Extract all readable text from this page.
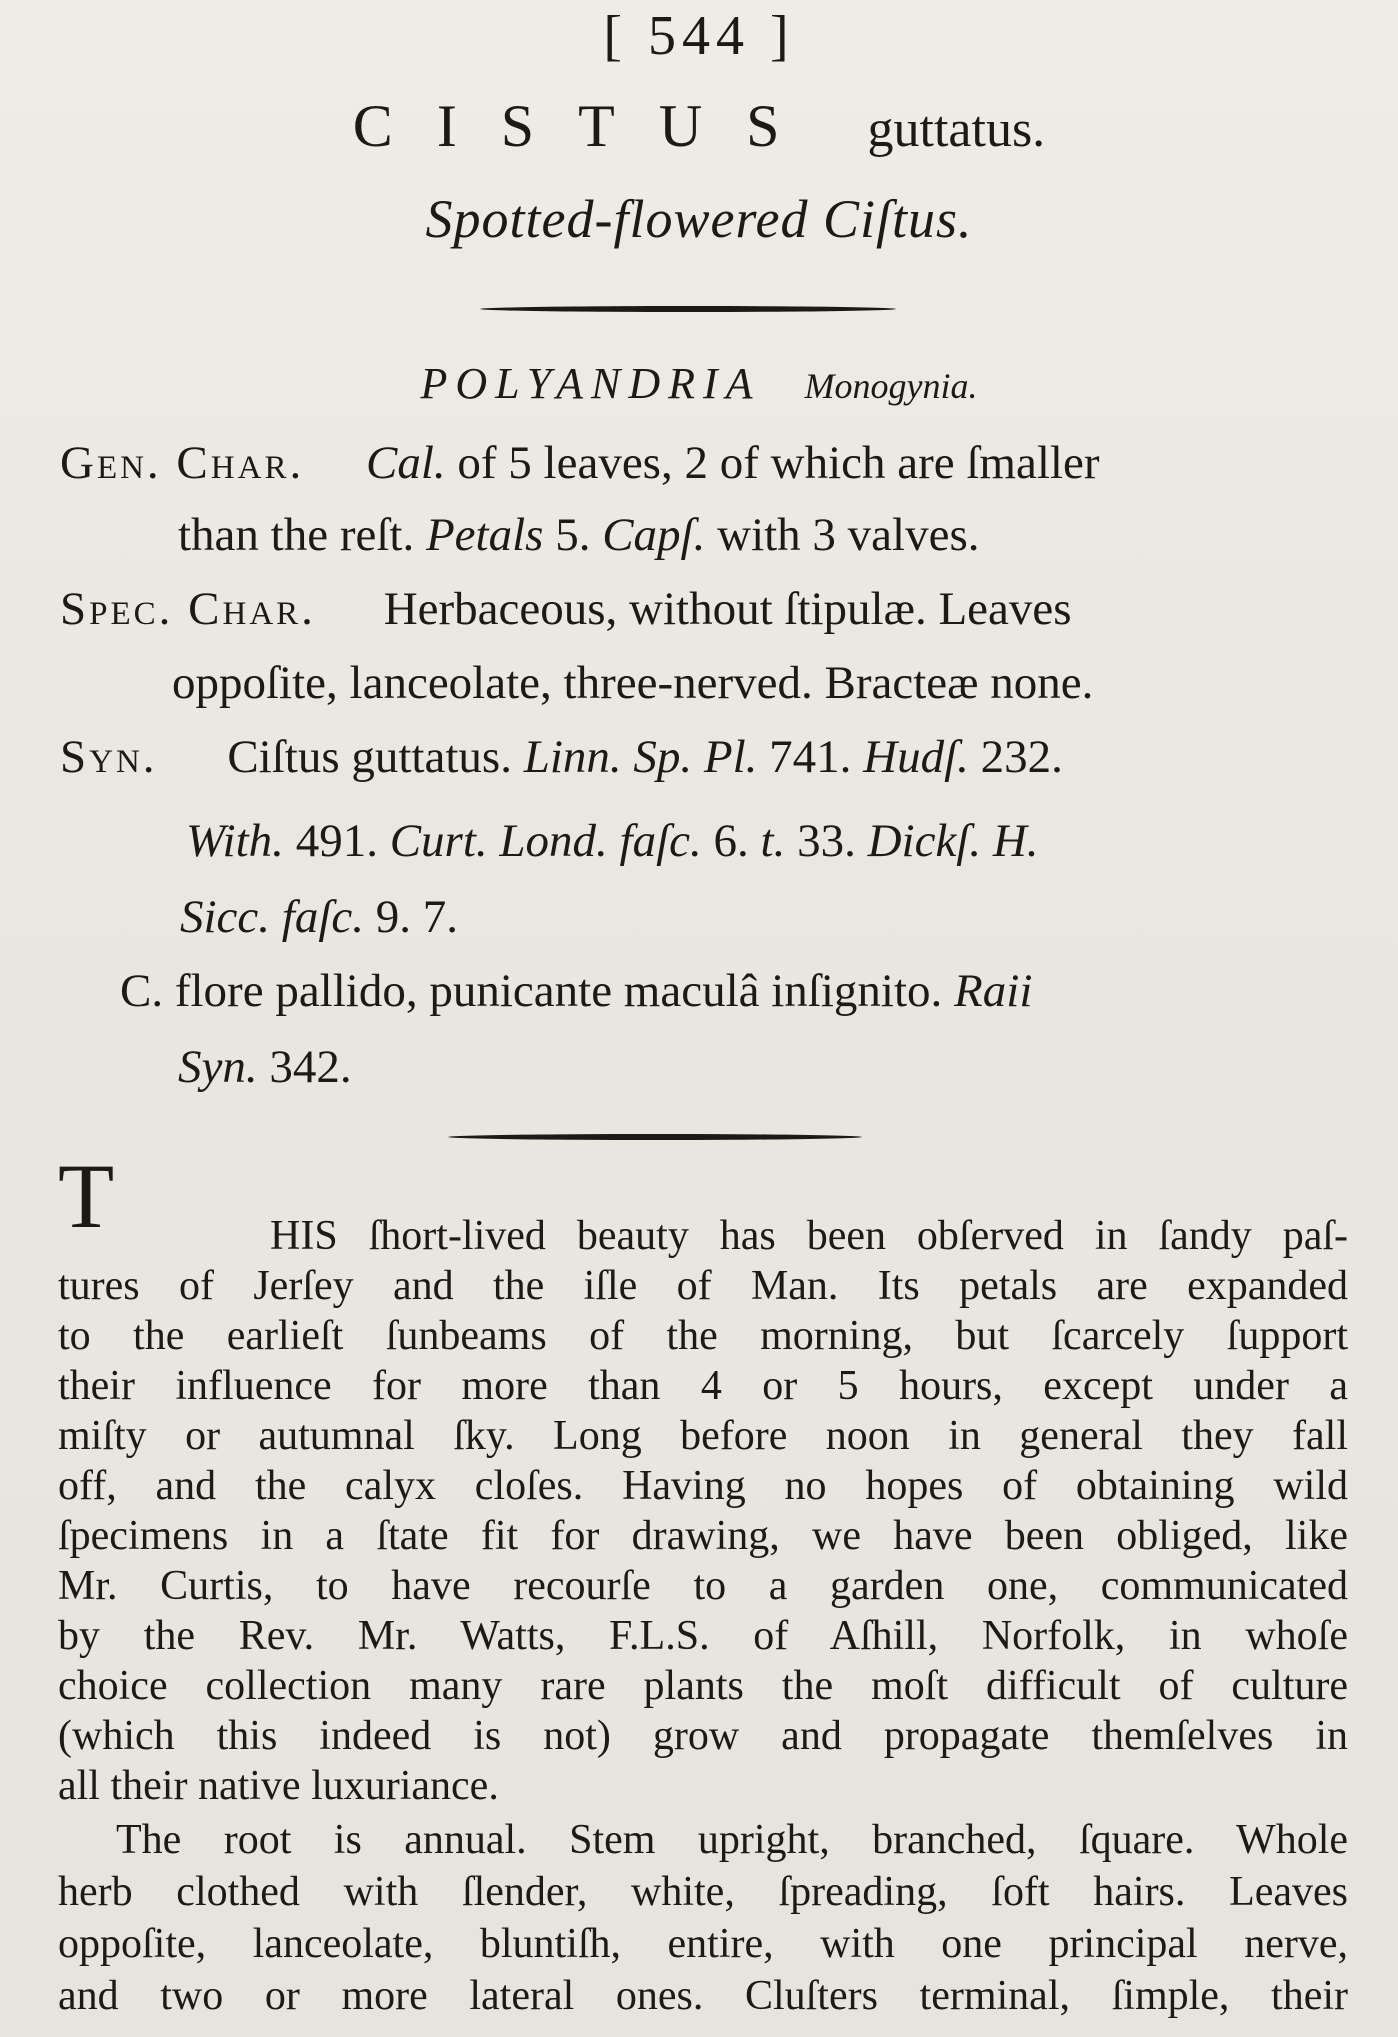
[ 544 ]
CISTUS guttatus.
Spotted-flowered Ciſtus.
POLYANDRIA Monogynia.
Gen. Char. Cal. of 5 leaves, 2 of which are ſmaller
than the reſt. Petals 5. Capſ. with 3 valves.
Spec. Char. Herbaceous, without ſtipulæ. Leaves
oppoſite, lanceolate, three-nerved. Bracteæ none.
Syn. Ciſtus guttatus. Linn. Sp. Pl. 741. Hudſ. 232.
With. 491. Curt. Lond. faſc. 6. t. 33. Dickſ. H.
Sicc. faſc. 9. 7.
C. flore pallido, punicante maculâ inſignito. Raii
Syn. 342.
T	HIS ſhort-lived beauty has been obſerved in ſandy paſ-
tures of Jerſey and the iſle of Man. Its petals are expanded
to the earlieſt ſunbeams of the morning, but ſcarcely ſupport
their influence for more than 4 or 5 hours, except under a
miſty or autumnal ſky. Long before noon in general they fall
off, and the calyx cloſes. Having no hopes of obtaining wild
ſpecimens in a ſtate fit for drawing, we have been obliged, like
Mr. Curtis, to have recourſe to a garden one, communicated
by the Rev. Mr. Watts, F.L.S. of Aſhill, Norfolk, in whoſe
choice collection many rare plants the moſt difficult of culture
(which this indeed is not) grow and propagate themſelves in
all their native luxuriance.
The root is annual. Stem upright, branched, ſquare. Whole
herb clothed with ſlender, white, ſpreading, ſoft hairs. Leaves
oppoſite, lanceolate, bluntiſh, entire, with one principal nerve,
and two or more lateral ones. Cluſters terminal, ſimple, their
